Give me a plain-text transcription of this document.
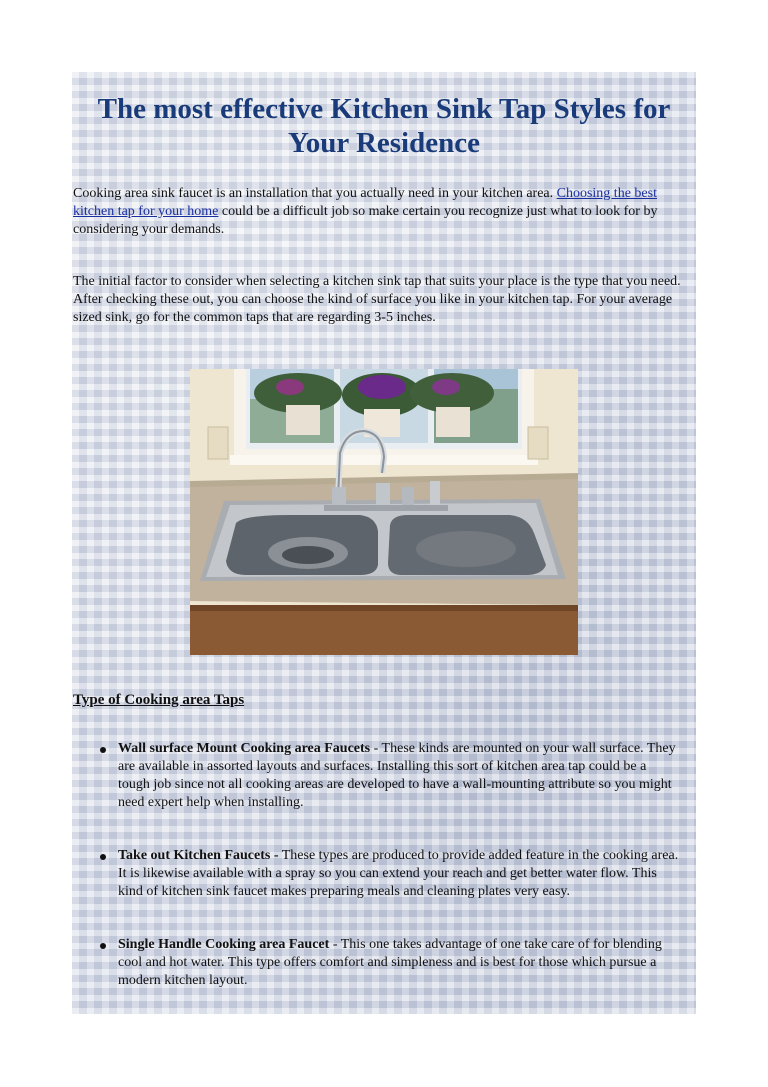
The most effective Kitchen Sink Tap Styles for Your Residence

Cooking area sink faucet is an installation that you actually need in your kitchen area. Choosing the best kitchen tap for your home could be a difficult job so make certain you recognize just what to look for by considering your demands.

The initial factor to consider when selecting a kitchen sink tap that suits your place is the type that you need. After checking these out, you can choose the kind of surface you like in your kitchen tap. For your average sized sink, go for the common taps that are regarding 3-5 inches.

Type of Cooking area Taps

Wall surface Mount Cooking area Faucets - These kinds are mounted on your wall surface. They are available in assorted layouts and surfaces. Installing this sort of kitchen area tap could be a tough job since not all cooking areas are developed to have a wall-mounting attribute so you might need expert help when installing.
Take out Kitchen Faucets - These types are produced to provide added feature in the cooking area. It is likewise available with a spray so you can extend your reach and get better water flow. This kind of kitchen sink faucet makes preparing meals and cleaning plates very easy.
Single Handle Cooking area Faucet - This one takes advantage of one take care of for blending cool and hot water. This type offers comfort and simpleness and is best for those which pursue a modern kitchen layout.
